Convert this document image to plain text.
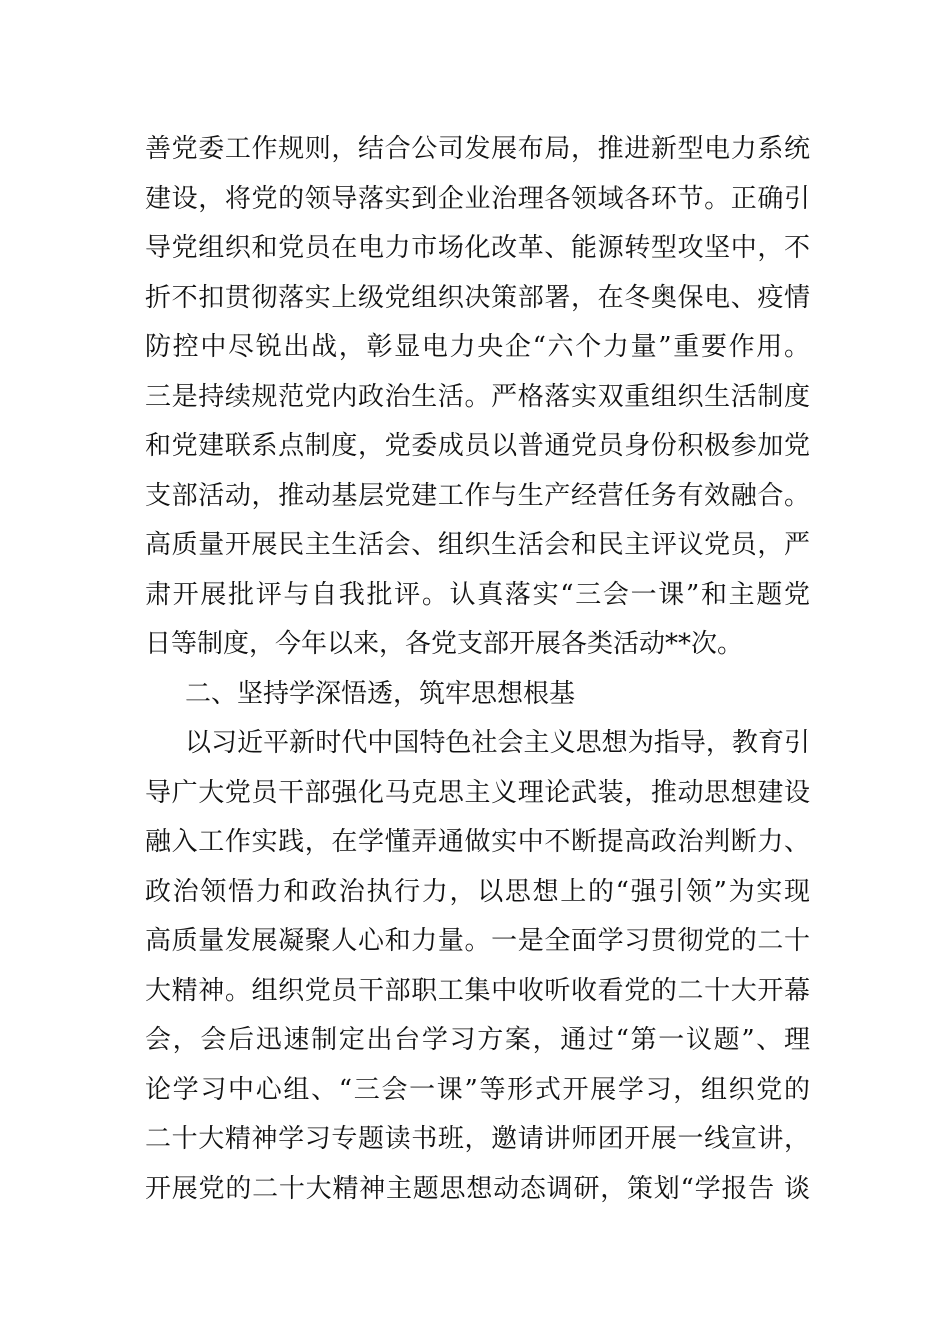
善党委工作规则，结合公司发展布局，推进新型电力系统
建设，将党的领导落实到企业治理各领域各环节。正确引
导党组织和党员在电力市场化改革、能源转型攻坚中，不
折不扣贯彻落实上级党组织决策部署，在冬奥保电、疫情
防控中尽锐出战，彰显电力央企“六个力量”重要作用。
三是持续规范党内政治生活。严格落实双重组织生活制度
和党建联系点制度，党委成员以普通党员身份积极参加党
支部活动，推动基层党建工作与生产经营任务有效融合。
高质量开展民主生活会、组织生活会和民主评议党员，严
肃开展批评与自我批评。认真落实“三会一课”和主题党
日等制度，今年以来，各党支部开展各类活动**次。
二、坚持学深悟透，筑牢思想根基
以习近平新时代中国特色社会主义思想为指导，教育引
导广大党员干部强化马克思主义理论武装，推动思想建设
融入工作实践，在学懂弄通做实中不断提高政治判断力、
政治领悟力和政治执行力，以思想上的“强引领”为实现
高质量发展凝聚人心和力量。一是全面学习贯彻党的二十
大精神。组织党员干部职工集中收听收看党的二十大开幕
会，会后迅速制定出台学习方案，通过“第一议题”、理
论学习中心组、“三会一课”等形式开展学习，组织党的
二十大精神学习专题读书班，邀请讲师团开展一线宣讲，
开展党的二十大精神主题思想动态调研，策划“学报告 谈
